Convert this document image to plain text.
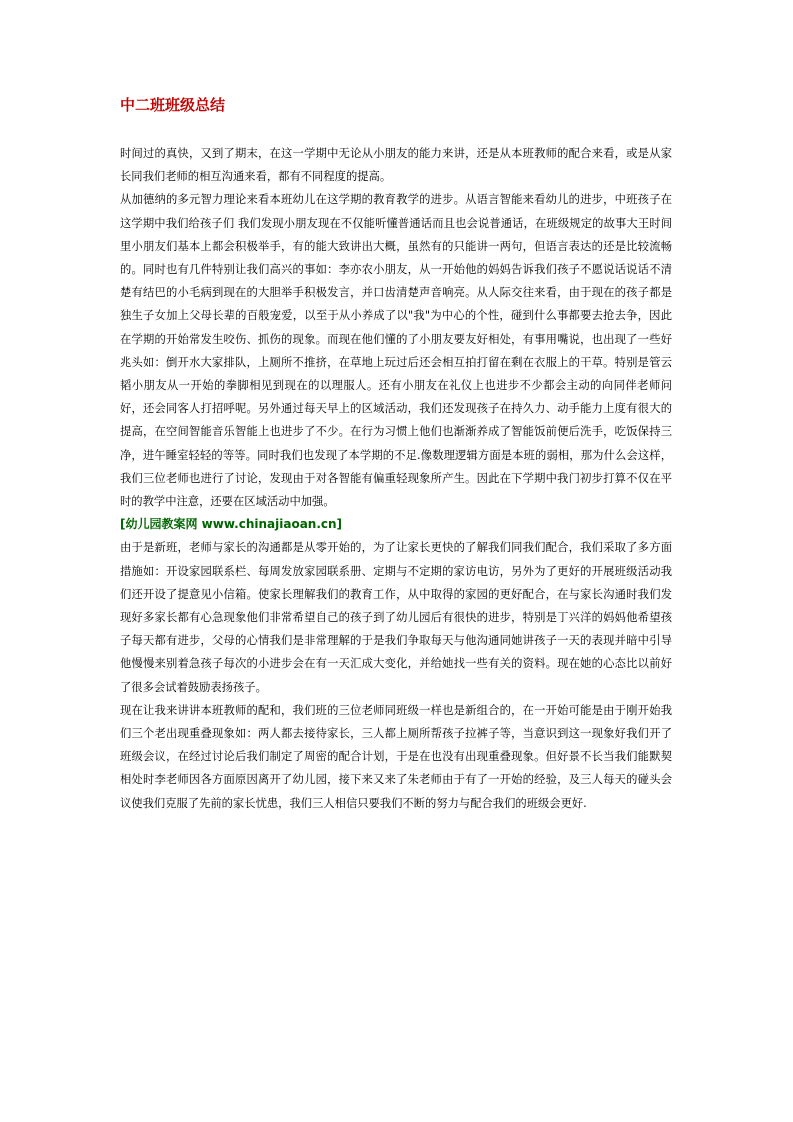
中二班班级总结

时间过的真快，又到了期末，在这一学期中无论从小朋友的能力来讲，还是从本班教师的配合来看，或是从家长同我们老师的相互沟通来看，都有不同程度的提高。

从加德纳的多元智力理论来看本班幼儿在这学期的教育教学的进步。从语言智能来看幼儿的进步，中班孩子在这学期中我们给孩子们 我们发现小朋友现在不仅能听懂普通话而且也会说普通话，在班级规定的故事大王时间里小朋友们基本上都会积极举手，有的能大致讲出大概，虽然有的只能讲一两句，但语言表达的还是比较流畅的。同时也有几件特别让我们高兴的事如：李亦农小朋友，从一开始他的妈妈告诉我们孩子不愿说话说话不清楚有结巴的小毛病到现在的大胆举手积极发言，并口齿清楚声音响亮。从人际交往来看，由于现在的孩子都是独生子女加上父母长辈的百般宠爱，以至于从小养成了以"我"为中心的个性，碰到什么事都要去抢去争，因此在学期的开始常发生咬伤、抓伤的现象。而现在他们懂的了小朋友要友好相处，有事用嘴说，也出现了一些好兆头如：倒开水大家排队，上厕所不推挤，在草地上玩过后还会相互拍打留在剩在衣服上的干草。特别是管云韬小朋友从一开始的拳脚相见到现在的以理服人。还有小朋友在礼仪上也进步不少都会主动的向同伴老师问好，还会同客人打招呼呢。另外通过每天早上的区域活动，我们还发现孩子在持久力、动手能力上度有很大的提高，在空间智能音乐智能上也进步了不少。在行为习惯上他们也渐渐养成了智能饭前便后洗手，吃饭保持三净，进午睡室轻轻的等等。同时我们也发现了本学期的不足.像数理逻辑方面是本班的弱相，那为什么会这样，我们三位老师也进行了讨论，发现由于对各智能有偏重轻现象所产生。因此在下学期中我门初步打算不仅在平时的教学中注意，还要在区域活动中加强。

[幼儿园教案网 www.chinajiaoan.cn]

由于是新班，老师与家长的沟通都是从零开始的，为了让家长更快的了解我们同我们配合，我们采取了多方面措施如：开设家园联系栏、每周发放家园联系册、定期与不定期的家访电访，另外为了更好的开展班级活动我们还开设了提意见小信箱。使家长理解我们的教育工作，从中取得的家园的更好配合，在与家长沟通时我们发现好多家长都有心急现象他们非常希望自己的孩子到了幼儿园后有很快的进步，特别是丁兴洋的妈妈他希望孩子每天都有进步，父母的心情我们是非常理解的于是我们争取每天与他沟通同她讲孩子一天的表现并暗中引导他慢慢来别着急孩子每次的小进步会在有一天汇成大变化，并给她找一些有关的资料。现在她的心态比以前好了很多会试着鼓励表扬孩子。

现在让我来讲讲本班教师的配和，我们班的三位老师同班级一样也是新组合的，在一开始可能是由于刚开始我们三个老出现重叠现象如：两人都去接待家长，三人都上厕所帮孩子拉裤子等，当意识到这一现象好我们开了班级会议，在经过讨论后我们制定了周密的配合计划，于是在也没有出现重叠现象。但好景不长当我们能默契相处时李老师因各方面原因离开了幼儿园，接下来又来了朱老师由于有了一开始的经验，及三人每天的碰头会议使我们克服了先前的家长忧患，我们三人相信只要我们不断的努力与配合我们的班级会更好.
